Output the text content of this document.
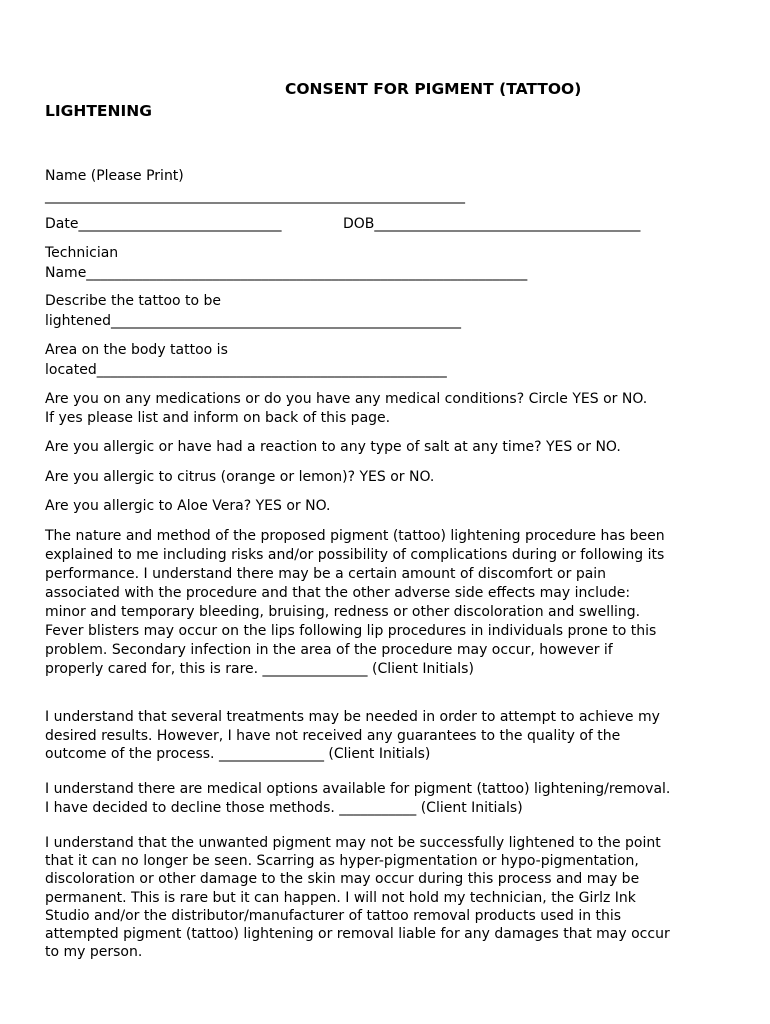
CONSENT FOR PIGMENT (TATTOO)
LIGHTENING
Name (Please Print)
____________________________________________________________
Date_____________________________	DOB______________________________________
Technician
Name_______________________________________________________________
Describe the tattoo to be
lightened__________________________________________________
Area on the body tattoo is
located__________________________________________________
Are you on any medications or do you have any medical conditions? Circle YES or NO.
If yes please list and inform on back of this page.
Are you allergic or have had a reaction to any type of salt at any time? YES or NO.
Are you allergic to citrus (orange or lemon)? YES or NO.
Are you allergic to Aloe Vera? YES or NO.
The nature and method of the proposed pigment (tattoo) lightening procedure has been
explained to me including risks and/or possibility of complications during or following its
performance. I understand there may be a certain amount of discomfort or pain
associated with the procedure and that the other adverse side effects may include:
minor and temporary bleeding, bruising, redness or other discoloration and swelling.
Fever blisters may occur on the lips following lip procedures in individuals prone to this
problem. Secondary infection in the area of the procedure may occur, however if
properly cared for, this is rare. _______________ (Client Initials)
I understand that several treatments may be needed in order to attempt to achieve my
desired results. However, I have not received any guarantees to the quality of the
outcome of the process. _______________ (Client Initials)
I understand there are medical options available for pigment (tattoo) lightening/removal.
I have decided to decline those methods. ___________ (Client Initials)
I understand that the unwanted pigment may not be successfully lightened to the point
that it can no longer be seen. Scarring as hyper-pigmentation or hypo-pigmentation,
discoloration or other damage to the skin may occur during this process and may be
permanent. This is rare but it can happen. I will not hold my technician, the Girlz Ink
Studio and/or the distributor/manufacturer of tattoo removal products used in this
attempted pigment (tattoo) lightening or removal liable for any damages that may occur
to my person.
